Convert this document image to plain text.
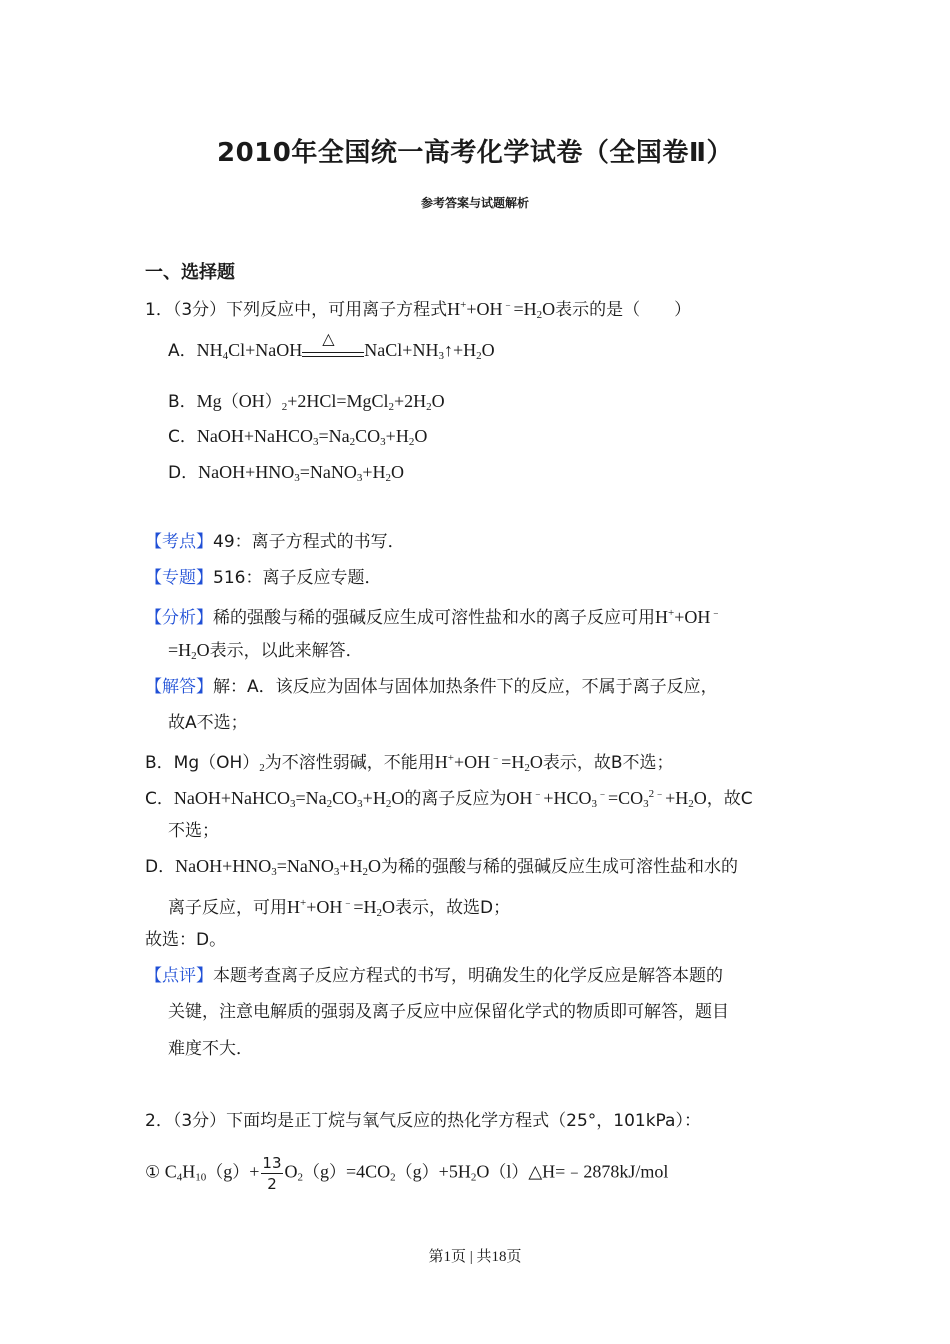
2010年全国统一高考化学试卷（全国卷Ⅱ）
参考答案与试题解析
一、选择题
1．（3分）下列反应中，可用离子方程式$H^++OH^﹣=H_2O$表示的是（　　）
A．$NH_4Cl+NaOH$
△
$NaCl+NH_3↑+H_2O$
B．$Mg(OH)_2+2HCl=MgCl_2+2H_2O$
C．$NaOH+NaHCO_3=Na_2CO_3+H_2O$
D．$NaOH+HNO_3=NaNO_3+H_2O$
【考点】49：离子方程式的书写．
【专题】516：离子反应专题．
【分析】稀的强酸与稀的强碱反应生成可溶性盐和水的离子反应可用H++OH﹣
$=H_2O$表示，以此来解答．
【解答】解：A．该反应为固体与固体加热条件下的反应，不属于离子反应，
故A不选；
B．$Mg(OH)_2$为不溶性弱碱，不能用$H^++OH^﹣=H_2O$表示，故B不选；
C．$NaOH+NaHCO_3=Na_2CO_3+H_2O$的离子反应为$OH^﹣+HCO_3^﹣=CO_3^{2﹣}+H_2O$，故C
不选；
D．$NaOH+HNO_3=NaNO_3+H_2O$为稀的强酸与稀的强碱反应生成可溶性盐和水的
离子反应，可用$H^++OH^﹣=H_2O$表示，故选D；
故选：D。
【点评】本题考查离子反应方程式的书写，明确发生的化学反应是解答本题的
关键，注意电解质的强弱及离子反应中应保留化学式的物质即可解答，题目
难度不大．
2．（3分）下面均是正丁烷与氧气反应的热化学方程式（25°，101kPa）：
① $C_4H_{10}(g)+ \frac{13}{2}$ $O_2(g)=4CO_2(g)+5H_2O(l)\triangle H=﹣2878kJ$/mol
第1页 | 共18页
